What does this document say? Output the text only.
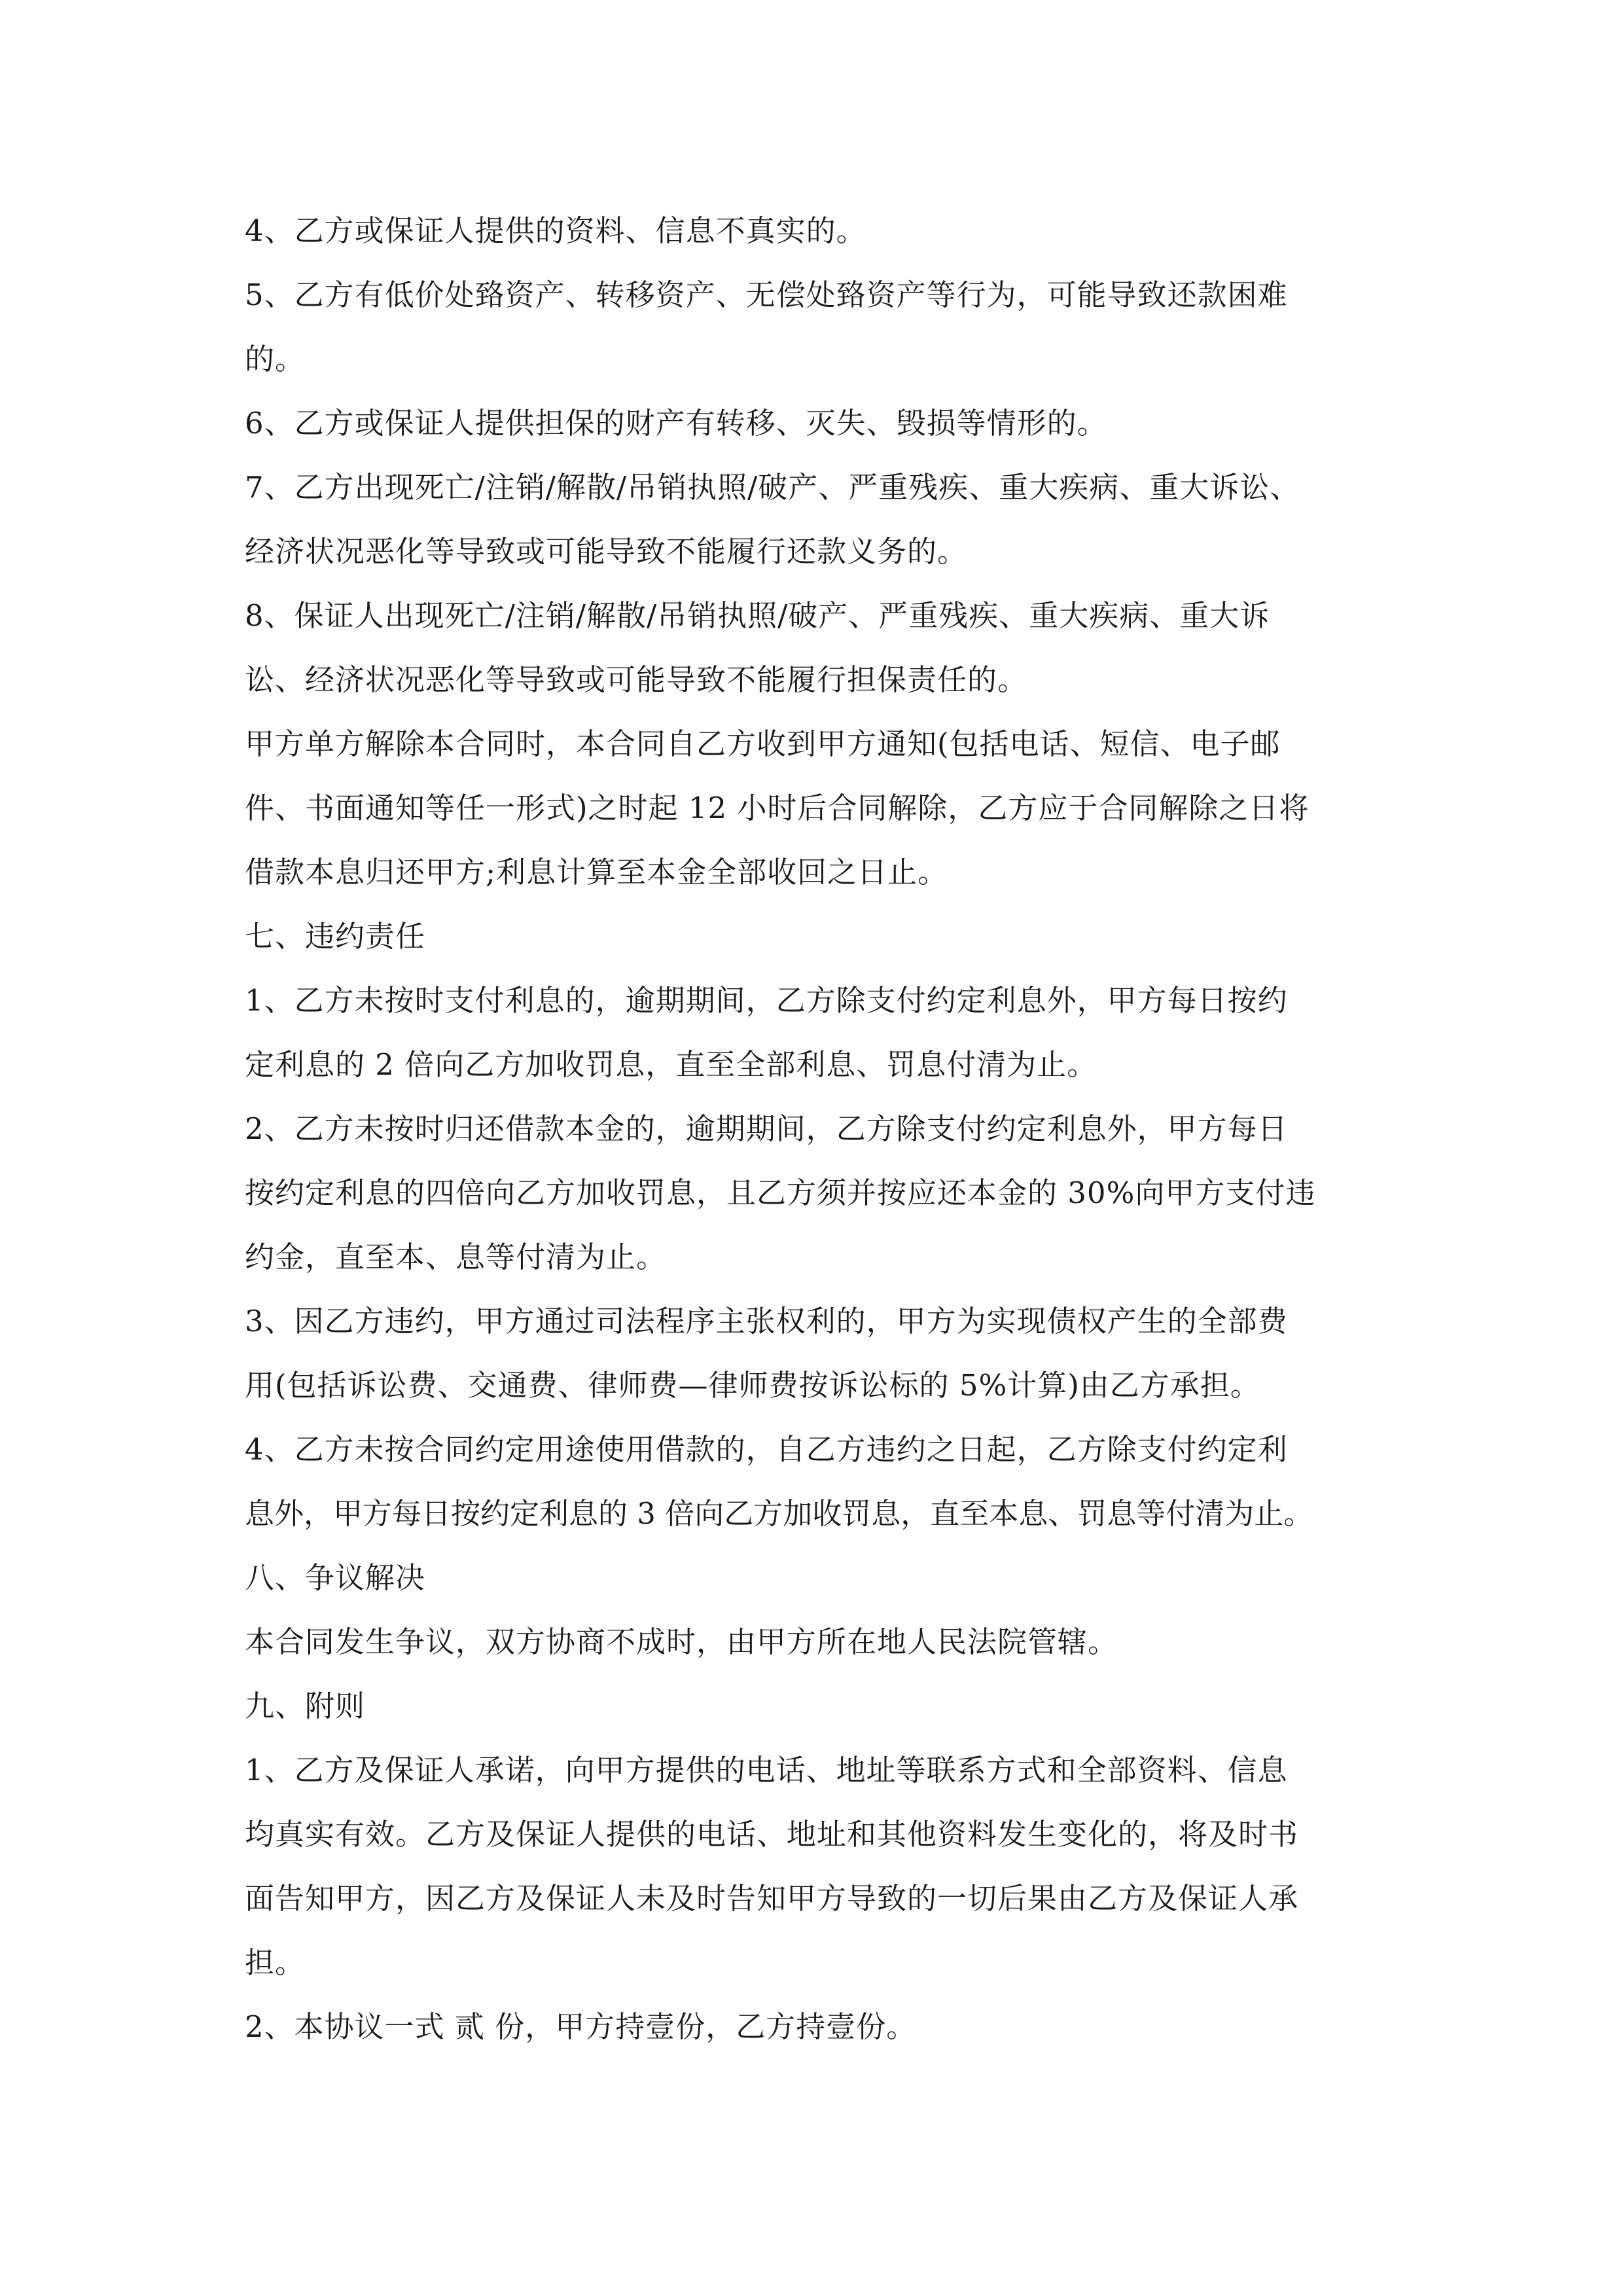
4、乙方或保证人提供的资料、信息不真实的。
5、乙方有低价处臵资产、转移资产、无偿处臵资产等行为，可能导致还款困难
的。
6、乙方或保证人提供担保的财产有转移、灭失、毁损等情形的。
7、乙方出现死亡/注销/解散/吊销执照/破产、严重残疾、重大疾病、重大诉讼、
经济状况恶化等导致或可能导致不能履行还款义务的。
8、保证人出现死亡/注销/解散/吊销执照/破产、严重残疾、重大疾病、重大诉
讼、经济状况恶化等导致或可能导致不能履行担保责任的。
甲方单方解除本合同时，本合同自乙方收到甲方通知(包括电话、短信、电子邮
件、书面通知等任一形式)之时起 12 小时后合同解除，乙方应于合同解除之日将
借款本息归还甲方;利息计算至本金全部收回之日止。
七、违约责任
1、乙方未按时支付利息的，逾期期间，乙方除支付约定利息外，甲方每日按约
定利息的 2 倍向乙方加收罚息，直至全部利息、罚息付清为止。
2、乙方未按时归还借款本金的，逾期期间，乙方除支付约定利息外，甲方每日
按约定利息的四倍向乙方加收罚息，且乙方须并按应还本金的 30%向甲方支付违
约金，直至本、息等付清为止。
3、因乙方违约，甲方通过司法程序主张权利的，甲方为实现债权产生的全部费
用(包括诉讼费、交通费、律师费—律师费按诉讼标的 5%计算)由乙方承担。
4、乙方未按合同约定用途使用借款的，自乙方违约之日起，乙方除支付约定利
息外，甲方每日按约定利息的 3 倍向乙方加收罚息，直至本息、罚息等付清为止。
八、争议解决
本合同发生争议，双方协商不成时，由甲方所在地人民法院管辖。
九、附则
1、乙方及保证人承诺，向甲方提供的电话、地址等联系方式和全部资料、信息
均真实有效。乙方及保证人提供的电话、地址和其他资料发生变化的，将及时书
面告知甲方，因乙方及保证人未及时告知甲方导致的一切后果由乙方及保证人承
担。
2、本协议一式 贰 份，甲方持壹份，乙方持壹份。
